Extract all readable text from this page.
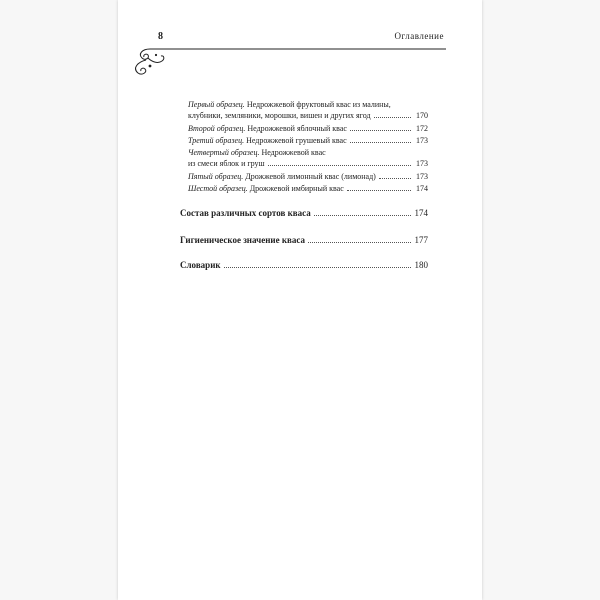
8	Оглавление
Первый образец.
Недрожжевой фруктовый квас из малины,
клубники, земляники, морошки, вишен и других ягод	170
Второй образец.
Недрожжевой яблочный квас	172
Третий образец.
Недрожжевой грушевый квас	173
Четвертый образец.
Недрожжевой квас
из смеси яблок и груш	173
Пятый образец.
Дрожжевой лимонный квас (лимонад)	173
Шестой образец.
Дрожжевой имбирный квас	174
Состав различных сортов кваса	174
Гигиеническое значение кваса	177
Словарик	180
